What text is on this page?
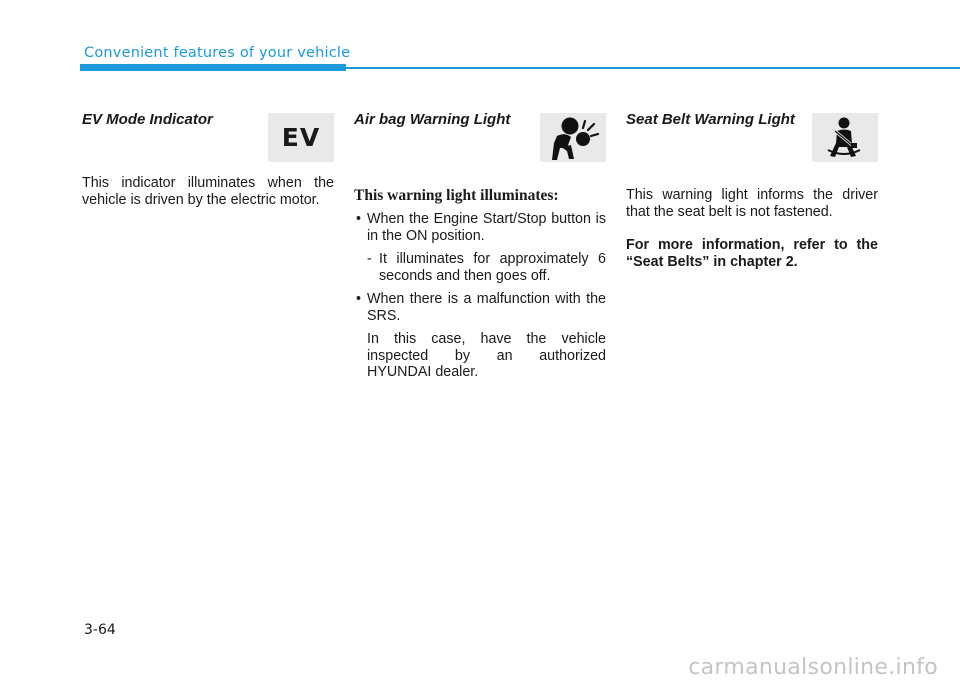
Convenient features of your vehicle
EV Mode Indicator
EV

This indicator illuminates when the vehicle is driven by the electric motor.

Air bag Warning Light
This warning light illuminates:

• When the Engine Start/Stop button is in the ON position.

- It illuminates for approximately 6 seconds and then goes off.

• When there is a malfunction with the SRS.

In this case, have the vehicle inspected by an authorized HYUNDAI dealer.

Seat Belt Warning Light

This warning light informs the driver that the seat belt is not fastened.

For more information, refer to the “Seat Belts” in chapter 2.

3-64
carmanualsonline.info
